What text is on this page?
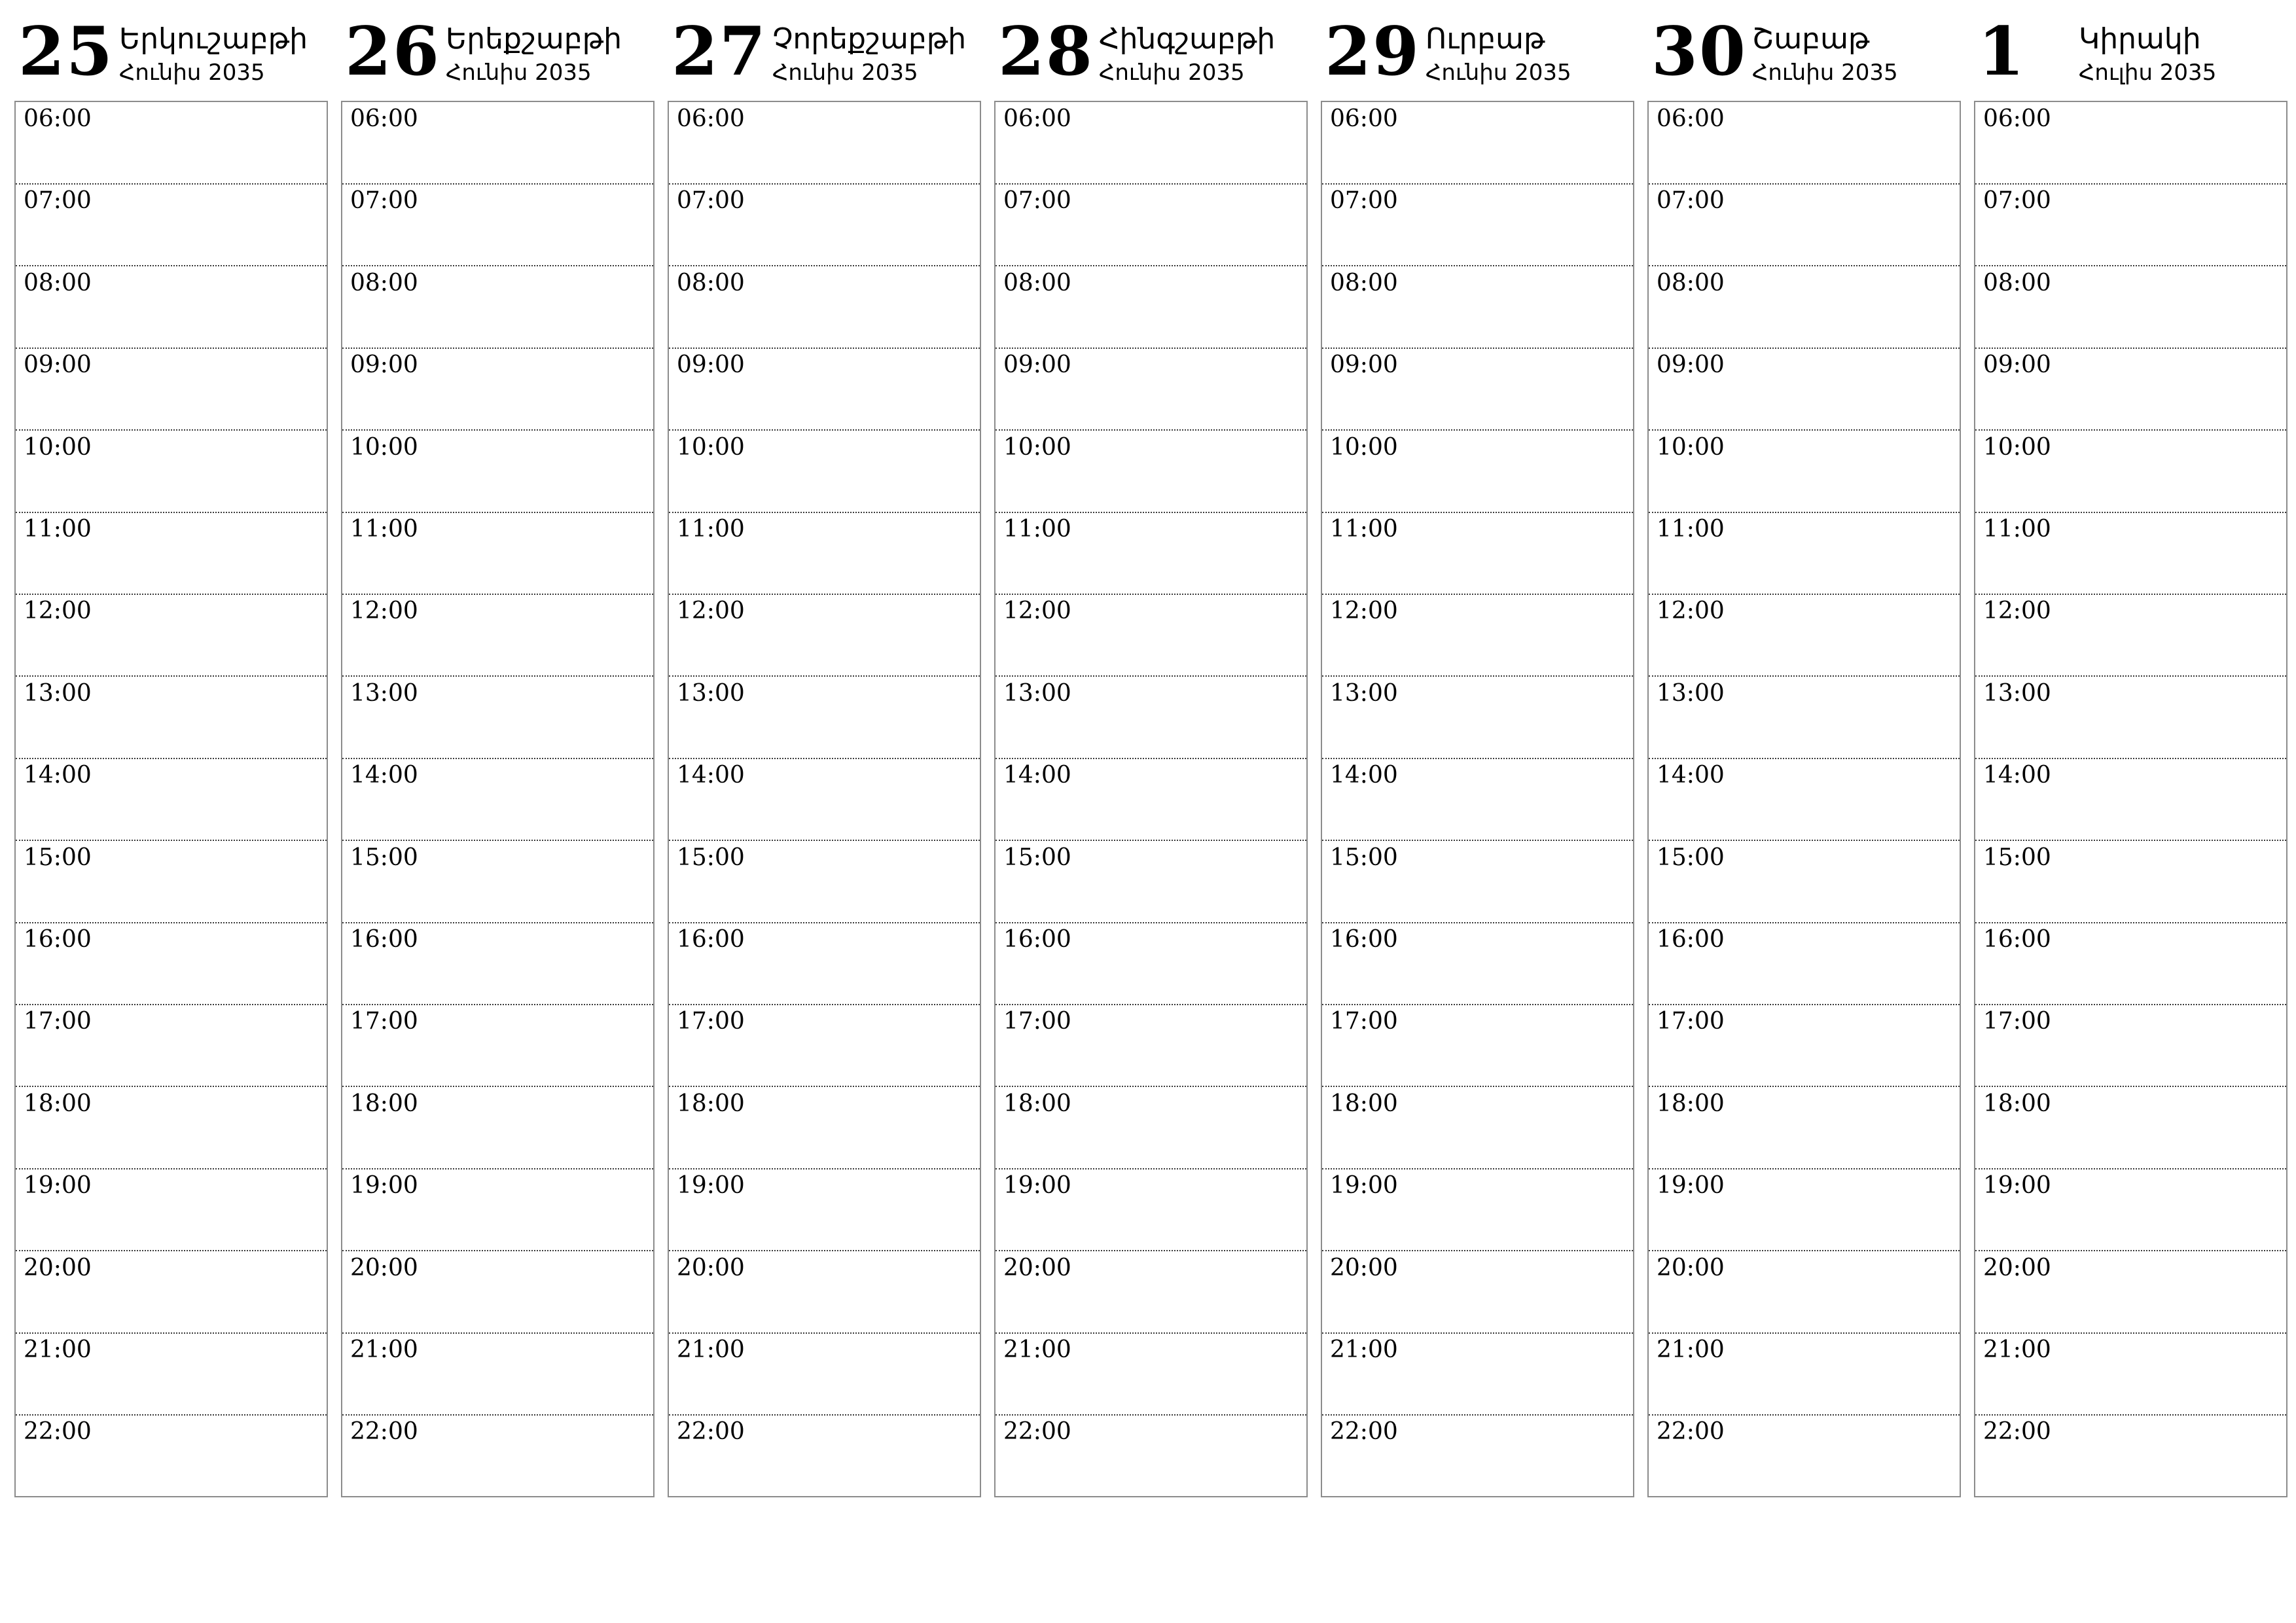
25 Երկուշաբթի
Հունիս 2035
06:00
07:00
08:00
09:00
10:00
11:00
12:00
13:00
14:00
15:00
16:00
17:00
18:00
19:00
20:00
21:00
22:00
26 Երեքշաբթի
Հունիս 2035
06:00
07:00
08:00
09:00
10:00
11:00
12:00
13:00
14:00
15:00
16:00
17:00
18:00
19:00
20:00
21:00
22:00
27 Չորեքշաբթի
Հունիս 2035
06:00
07:00
08:00
09:00
10:00
11:00
12:00
13:00
14:00
15:00
16:00
17:00
18:00
19:00
20:00
21:00
22:00
28 Հինգշաբթի
Հունիս 2035
06:00
07:00
08:00
09:00
10:00
11:00
12:00
13:00
14:00
15:00
16:00
17:00
18:00
19:00
20:00
21:00
22:00
29 Ուրբաթ
Հունիս 2035
06:00
07:00
08:00
09:00
10:00
11:00
12:00
13:00
14:00
15:00
16:00
17:00
18:00
19:00
20:00
21:00
22:00
30 Շաբաթ
Հունիս 2035
06:00
07:00
08:00
09:00
10:00
11:00
12:00
13:00
14:00
15:00
16:00
17:00
18:00
19:00
20:00
21:00
22:00
1 Կիրակի
Հուլիս 2035
06:00
07:00
08:00
09:00
10:00
11:00
12:00
13:00
14:00
15:00
16:00
17:00
18:00
19:00
20:00
21:00
22:00
